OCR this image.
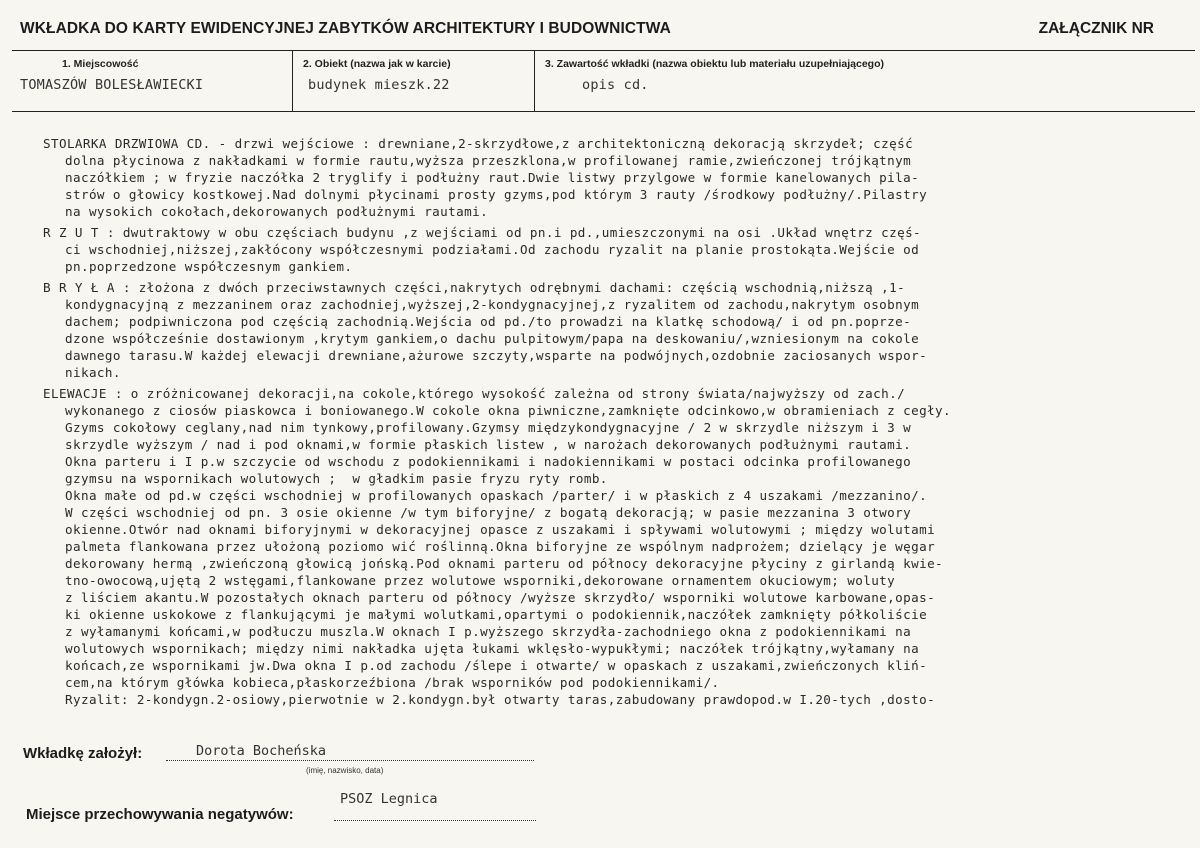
WKŁADKA DO KARTY EWIDENCYJNEJ ZABYTKÓW ARCHITEKTURY I BUDOWNICTWA	ZAŁĄCZNIK NR
1. Miejscowość
TOMASZÓW BOLESŁAWIECKI
2. Obiekt (nazwa jak w karcie)
budynek mieszk.22
3. Zawartość wkładki (nazwa obiektu lub materiału uzupełniającego)
opis cd.
STOLARKA DRZWIOWA CD. - drzwi wejściowe : drewniane,2-skrzydłowe,z architektoniczną dekoracją skrzydeł; część
dolna płycinowa z nakładkami w formie rautu,wyższa przeszklona,w profilowanej ramie,zwieńczonej trójkątnym
naczółkiem ; w fryzie naczółka 2 tryglify i podłużny raut.Dwie listwy przylgowe w formie kanelowanych pila-
strów o głowicy kostkowej.Nad dolnymi płycinami prosty gzyms,pod którym 3 rauty /środkowy podłużny/.Pilastry
na wysokich cokołach,dekorowanych podłużnymi rautami.
R Z U T : dwutraktowy w obu częściach budynu ,z wejściami od pn.i pd.,umieszczonymi na osi .Układ wnętrz częś-
ci wschodniej,niższej,zakłócony współczesnymi podziałami.Od zachodu ryzalit na planie prostokąta.Wejście od
pn.poprzedzone współczesnym gankiem.
B R Y Ł A : złożona z dwóch przeciwstawnych części,nakrytych odrębnymi dachami: częścią wschodnią,niższą ,1-
kondygnacyjną z mezzaninem oraz zachodniej,wyższej,2-kondygnacyjnej,z ryzalitem od zachodu,nakrytym osobnym
dachem; podpiwniczona pod częścią zachodnią.Wejścia od pd./to prowadzi na klatkę schodową/ i od pn.poprze-
dzone współcześnie dostawionym ,krytym gankiem,o dachu pulpitowym/papa na deskowaniu/,wzniesionym na cokole
dawnego tarasu.W każdej elewacji drewniane,ażurowe szczyty,wsparte na podwójnych,ozdobnie zaciosanych wspor-
nikach.
ELEWACJE : o zróżnicowanej dekoracji,na cokole,którego wysokość zależna od strony świata/najwyższy od zach./
wykonanego z ciosów piaskowca i boniowanego.W cokole okna piwniczne,zamknięte odcinkowo,w obramieniach z cegły.
Gzyms cokołowy ceglany,nad nim tynkowy,profilowany.Gzymsy międzykondygnacyjne / 2 w skrzydle niższym i 3 w
skrzydle wyższym / nad i pod oknami,w formie płaskich listew , w narożach dekorowanych podłużnymi rautami.
Okna parteru i I p.w szczycie od wschodu z podokiennikami i nadokiennikami w postaci odcinka profilowanego
gzymsu na wspornikach wolutowych ;  w gładkim pasie fryzu ryty romb.
Okna małe od pd.w części wschodniej w profilowanych opaskach /parter/ i w płaskich z 4 uszakami /mezzanino/.
W części wschodniej od pn. 3 osie okienne /w tym biforyjne/ z bogatą dekoracją; w pasie mezzanina 3 otwory
okienne.Otwór nad oknami biforyjnymi w dekoracyjnej opasce z uszakami i spływami wolutowymi ; między wolutami
palmeta flankowana przez ułożoną poziomo wić roślinną.Okna biforyjne ze wspólnym nadprożem; dzielący je węgar
dekorowany hermą ,zwieńczoną głowicą jońską.Pod oknami parteru od północy dekoracyjne płyciny z girlandą kwie-
tno-owocową,ujętą 2 wstęgami,flankowane przez wolutowe wsporniki,dekorowane ornamentem okuciowym; woluty
z liściem akantu.W pozostałych oknach parteru od północy /wyższe skrzydło/ wsporniki wolutowe karbowane,opas-
ki okienne uskokowe z flankującymi je małymi wolutkami,opartymi o podokiennik,naczółek zamknięty półkoliście
z wyłamanymi końcami,w podłuczu muszla.W oknach I p.wyższego skrzydła-zachodniego okna z podokiennikami na
wolutowych wspornikach; między nimi nakładka ujęta łukami wklęsło-wypukłymi; naczółek trójkątny,wyłamany na
końcach,ze wspornikami jw.Dwa okna I p.od zachodu /ślepe i otwarte/ w opaskach z uszakami,zwieńczonych kliń-
cem,na którym główka kobieca,płaskorzeźbiona /brak wsporników pod podokiennikami/.
Ryzalit: 2-kondygn.2-osiowy,pierwotnie w 2.kondygn.był otwarty taras,zabudowany prawdopod.w I.20-tych ,dosto-
Wkładkę założył:	Dorota Bocheńska
(imię, nazwisko, data)
Miejsce przechowywania negatywów:
PSOZ Legnica
